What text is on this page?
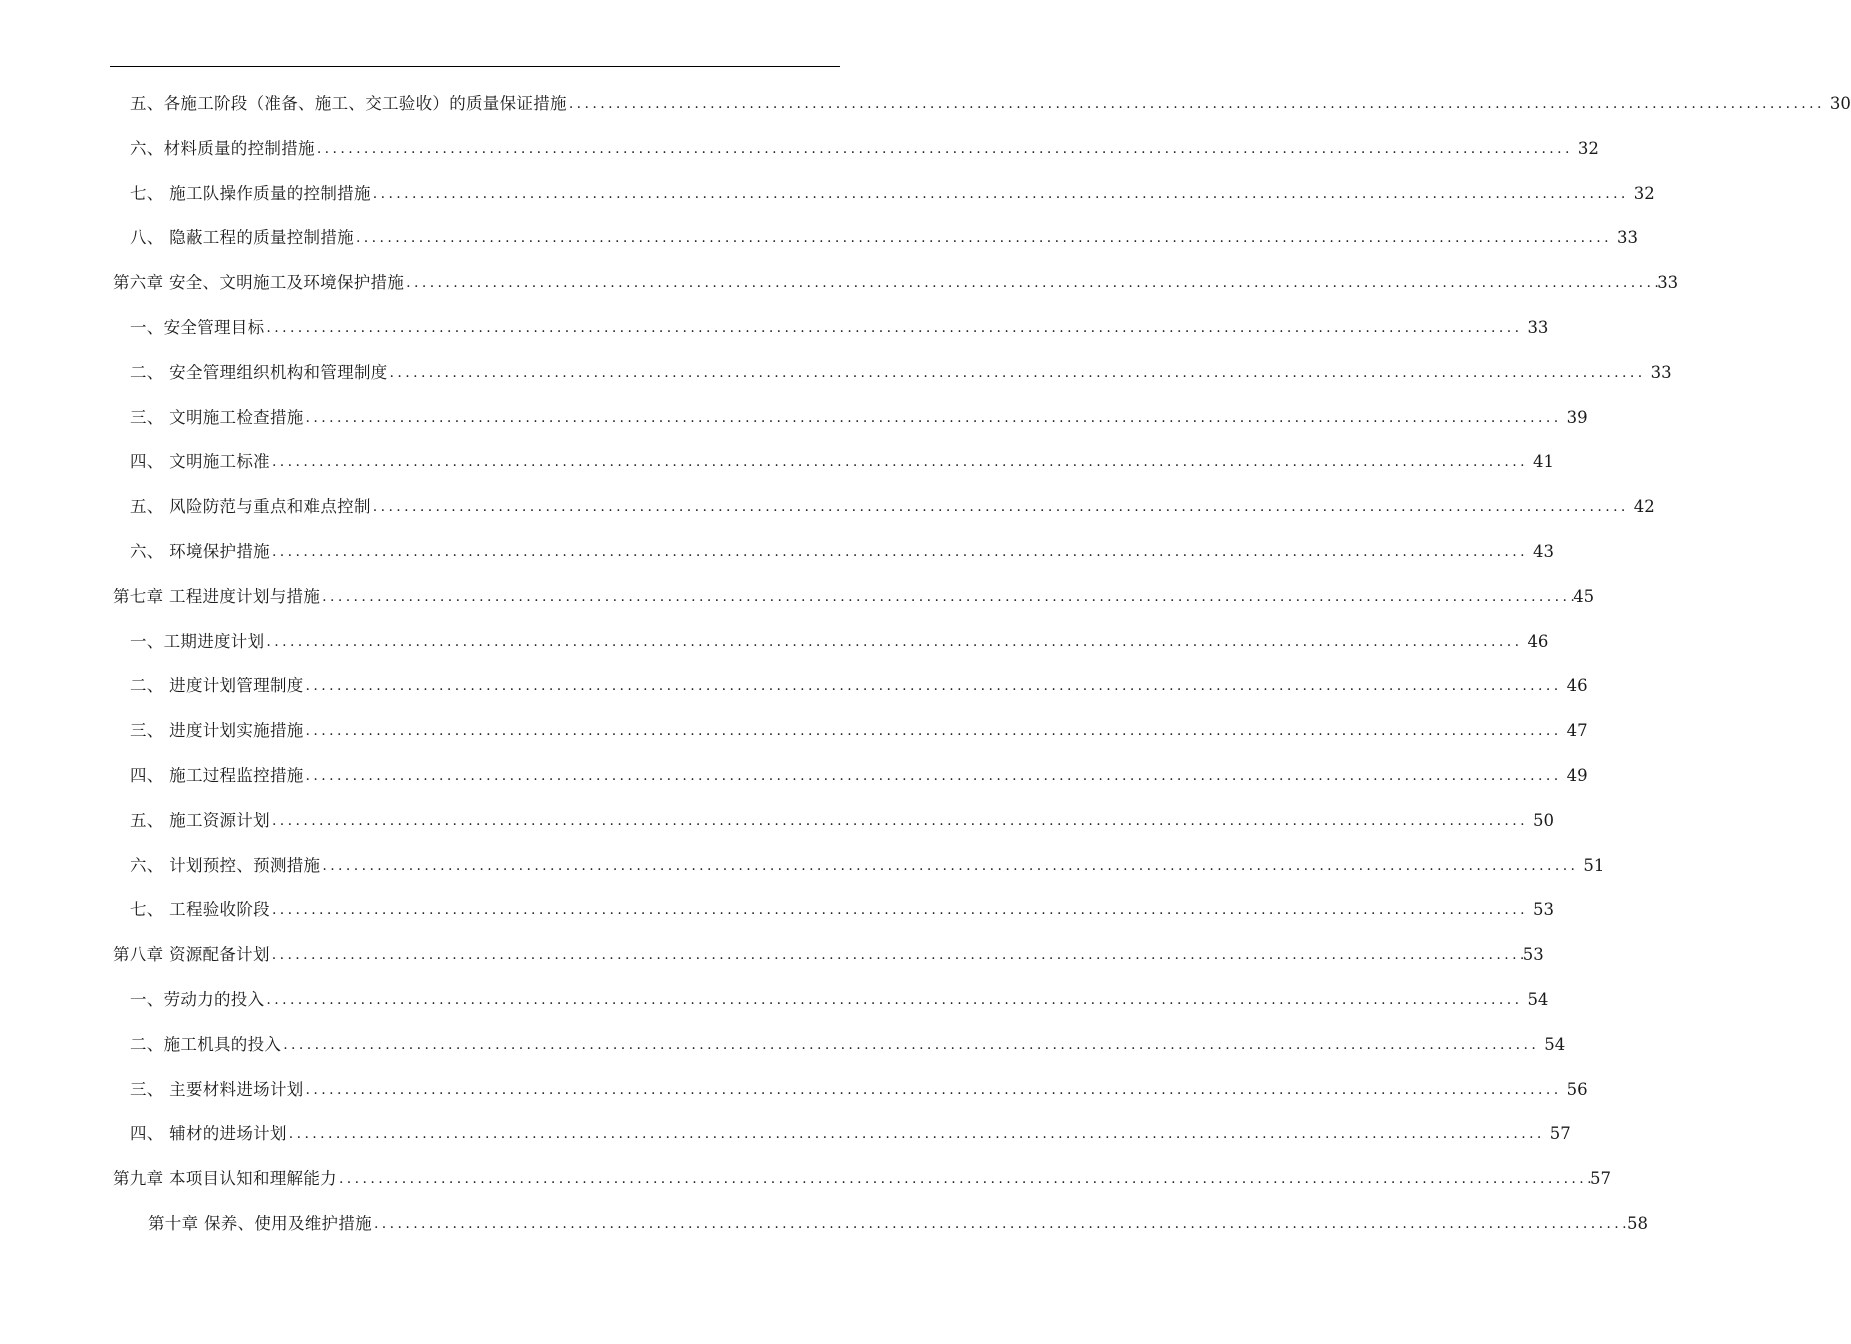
五、各施工阶段（准备、施工、交工验收）的质量保证措施 ................................................................................................................................................................ 30
六、材料质量的控制措施 ................................................................................................................................................................ 32
七、 施工队操作质量的控制措施 ................................................................................................................................................................ 32
八、 隐蔽工程的质量控制措施 ................................................................................................................................................................ 33
第六章 安全、文明施工及环境保护措施 ................................................................................................................................................................
33
一、安全管理目标 ................................................................................................................................................................ 33
二、 安全管理组织机构和管理制度 ................................................................................................................................................................ 33
三、 文明施工检查措施 ................................................................................................................................................................ 39
四、 文明施工标准 ................................................................................................................................................................ 41
五、 风险防范与重点和难点控制 ................................................................................................................................................................ 42
六、 环境保护措施 ................................................................................................................................................................ 43
第七章 工程进度计划与措施 ................................................................................................................................................................
45
一、工期进度计划 ................................................................................................................................................................ 46
二、 进度计划管理制度 ................................................................................................................................................................ 46
三、 进度计划实施措施 ................................................................................................................................................................ 47
四、 施工过程监控措施 ................................................................................................................................................................ 49
五、 施工资源计划 ................................................................................................................................................................ 50
六、 计划预控、预测措施 ................................................................................................................................................................ 51
七、 工程验收阶段 ................................................................................................................................................................ 53
第八章 资源配备计划 ................................................................................................................................................................
53
一、劳动力的投入 ................................................................................................................................................................ 54
二、施工机具的投入 ................................................................................................................................................................ 54
三、 主要材料进场计划 ................................................................................................................................................................ 56
四、 辅材的进场计划 ................................................................................................................................................................ 57
第九章 本项目认知和理解能力 ................................................................................................................................................................
57
第十章 保养、使用及维护措施 ................................................................................................................................................................
58
